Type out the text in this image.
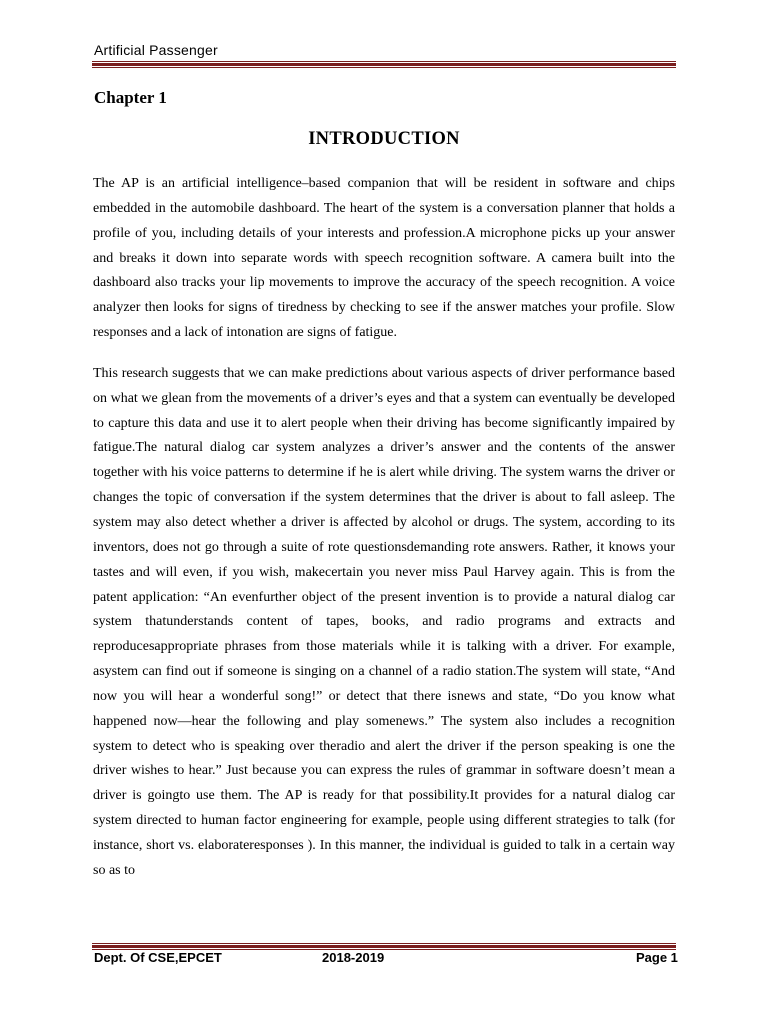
Artificial Passenger
Chapter 1
INTRODUCTION

The AP is an artificial intelligence–based companion that will be resident in software and chips embedded in the automobile dashboard. The heart of the system is a conversation planner that holds a profile of you, including details of your interests and profession.A microphone picks up your answer and breaks it down into separate words with speech recognition software. A camera built into the dashboard also tracks your lip movements to improve the accuracy of the speech recognition. A voice analyzer then looks for signs of tiredness by checking to see if the answer matches your profile. Slow responses and a lack of intonation are signs of fatigue.

This research suggests that we can make predictions about various aspects of driver performance based on what we glean from the movements of a driver’s eyes and that a system can eventually be developed to capture this data and use it to alert people when their driving has become significantly impaired by fatigue.The natural dialog car system analyzes a driver’s answer and the contents of the answer together with his voice patterns to determine if he is alert while driving. The system warns the driver or changes the topic of conversation if the system determines that the driver is about to fall asleep. The system may also detect whether a driver is affected by alcohol or drugs. The system, according to its inventors, does not go through a suite of rote questionsdemanding rote answers. Rather, it knows your tastes and will even, if you wish, makecertain you never miss Paul Harvey again. This is from the patent application: “An evenfurther object of the present invention is to provide a natural dialog car system thatunderstands content of tapes, books, and radio programs and extracts and reproducesappropriate phrases from those materials while it is talking with a driver. For example, asystem can find out if someone is singing on a channel of a radio station.The system will state, “And now you will hear a wonderful song!” or detect that there isnews and state, “Do you know what happened now—hear the following and play somenews.” The system also includes a recognition system to detect who is speaking over theradio and alert the driver if the person speaking is one the driver wishes to hear.” Just because you can express the rules of grammar in software doesn’t mean a driver is goingto use them. The AP is ready for that possibility.It provides for a natural dialog car system directed to human factor engineering for example, people using different strategies to talk (for instance, short vs. elaborateresponses ). In this manner, the individual is guided to talk in a certain way so as to

Dept. Of CSE,EPCET	2018-2019	Page 1
